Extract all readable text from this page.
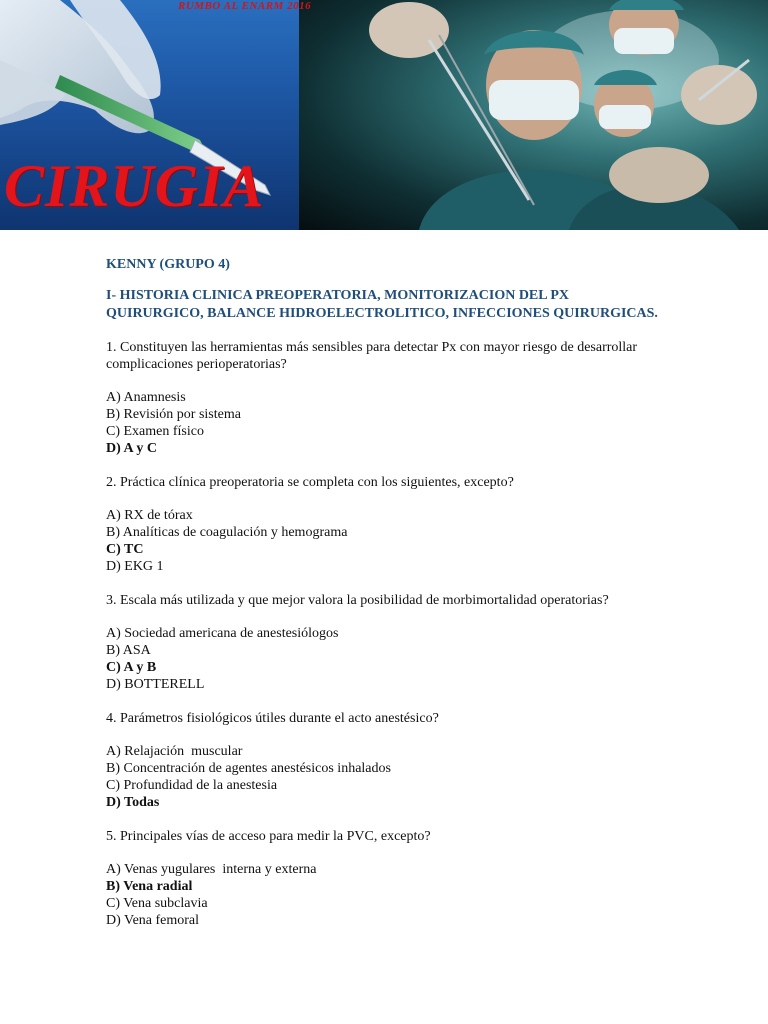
RUMBO AL ENARM 2016
CIRUGIA
KENNY (GRUPO 4)
I- HISTORIA CLINICA PREOPERATORIA, MONITORIZACION DEL PX
QUIRURGICO, BALANCE HIDROELECTROLITICO, INFECCIONES QUIRURGICAS.
1. Constituyen las herramientas más sensibles para detectar Px con mayor riesgo de desarrollar
complicaciones perioperatorias?
A) Anamnesis
B) Revisión por sistema
C) Examen físico
D) A y C
2. Práctica clínica preoperatoria se completa con los siguientes, excepto?
A) RX de tórax
B) Analíticas de coagulación y hemograma
C) TC
D) EKG 1
3. Escala más utilizada y que mejor valora la posibilidad de morbimortalidad operatorias?
A) Sociedad americana de anestesiólogos
B) ASA
C) A y B
D) BOTTERELL
4. Parámetros fisiológicos útiles durante el acto anestésico?
A) Relajación  muscular
B) Concentración de agentes anestésicos inhalados
C) Profundidad de la anestesia
D) Todas
5. Principales vías de acceso para medir la PVC, excepto?
A) Venas yugulares  interna y externa
B) Vena radial
C) Vena subclavia
D) Vena femoral
